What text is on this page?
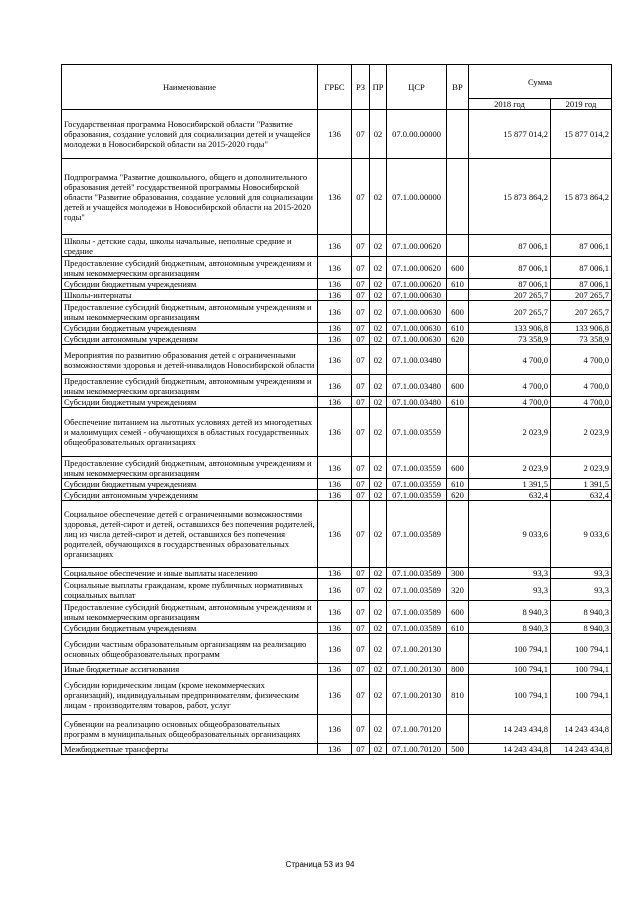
Наименование	ГРБС	РЗ	ПР	ЦСР	ВР	Сумма	
						2018 год	2019 год
Государственная программа Новосибирской области "Развитие образования, создание условий для социализации детей и учащейся молодежи в Новосибирской области на 2015-2020 годы"	136	07	02	07.0.00.00000		15 877 014,2	15 877 014,2
Подпрограмма "Развитие дошкольного, общего и дополнительного образования детей" государственной программы Новосибирской области "Развитие образования, создание условий для социализации детей и учащейся молодежи в Новосибирской области на 2015-2020 годы"	136	07	02	07.1.00.00000		15 873 864,2	15 873 864,2
Школы - детские сады, школы начальные, неполные средние и средние	136	07	02	07.1.00.00620		87 006,1	87 006,1
Предоставление субсидий бюджетным, автономным учреждениям и иным некоммерческим организациям	136	07	02	07.1.00.00620	600	87 006,1	87 006,1
Субсидии бюджетным учреждениям	136	07	02	07.1.00.00620	610	87 006,1	87 006,1
Школы-интернаты	136	07	02	07.1.00.00630		207 265,7	207 265,7
Предоставление субсидий бюджетным, автономным учреждениям и иным некоммерческим организациям	136	07	02	07.1.00.00630	600	207 265,7	207 265,7
Субсидии бюджетным учреждениям	136	07	02	07.1.00.00630	610	133 906,8	133 906,8
Субсидии автономным учреждениям	136	07	02	07.1.00.00630	620	73 358,9	73 358,9
Мероприятия по развитию образования детей с ограниченными возможностями здоровья и детей-инвалидов Новосибирской области	136	07	02	07.1.00.03480		4 700,0	4 700,0
Предоставление субсидий бюджетным, автономным учреждениям и иным некоммерческим организациям	136	07	02	07.1.00.03480	600	4 700,0	4 700,0
Субсидии бюджетным учреждениям	136	07	02	07.1.00.03480	610	4 700,0	4 700,0
Обеспечение питанием на льготных условиях детей из многодетных и малоимущих семей - обучающихся в областных государственных общеобразовательных организациях	136	07	02	07.1.00.03559		2 023,9	2 023,9
Предоставление субсидий бюджетным, автономным учреждениям и иным некоммерческим организациям	136	07	02	07.1.00.03559	600	2 023,9	2 023,9
Субсидии бюджетным учреждениям	136	07	02	07.1.00.03559	610	1 391,5	1 391,5
Субсидии автономным учреждениям	136	07	02	07.1.00.03559	620	632,4	632,4
Социальное обеспечение детей с ограниченными возможностями здоровья, детей-сирот и детей, оставшихся без попечения родителей, лиц из числа детей-сирот и детей, оставшихся без попечения родителей, обучающихся в государственных образовательных организациях	136	07	02	07.1.00.03589		9 033,6	9 033,6
Социальное обеспечение и иные выплаты населению	136	07	02	07.1.00.03589	300	93,3	93,3
Социальные выплаты гражданам, кроме публичных нормативных социальных выплат	136	07	02	07.1.00.03589	320	93,3	93,3
Предоставление субсидий бюджетным, автономным учреждениям и иным некоммерческим организациям	136	07	02	07.1.00.03589	600	8 940,3	8 940,3
Субсидии бюджетным учреждениям	136	07	02	07.1.00.03589	610	8 940,3	8 940,3
Субсидии частным образовательным организациям на реализацию основных общеобразовательных программ	136	07	02	07.1.00.20130		100 794,1	100 794,1
Иные бюджетные ассигнования	136	07	02	07.1.00.20130	800	100 794,1	100 794,1
Субсидии юридическим лицам (кроме некоммерческих организаций), индивидуальным предпринимателям, физическим лицам - производителям товаров, работ, услуг	136	07	02	07.1.00.20130	810	100 794,1	100 794,1
Субвенции на реализацию основных общеобразовательных программ в муниципальных общеобразовательных организациях	136	07	02	07.1.00.70120		14 243 434,8	14 243 434,8
Межбюджетные трансферты	136	07	02	07.1.00.70120	500	14 243 434,8	14 243 434,8
Страница 53 из 94
